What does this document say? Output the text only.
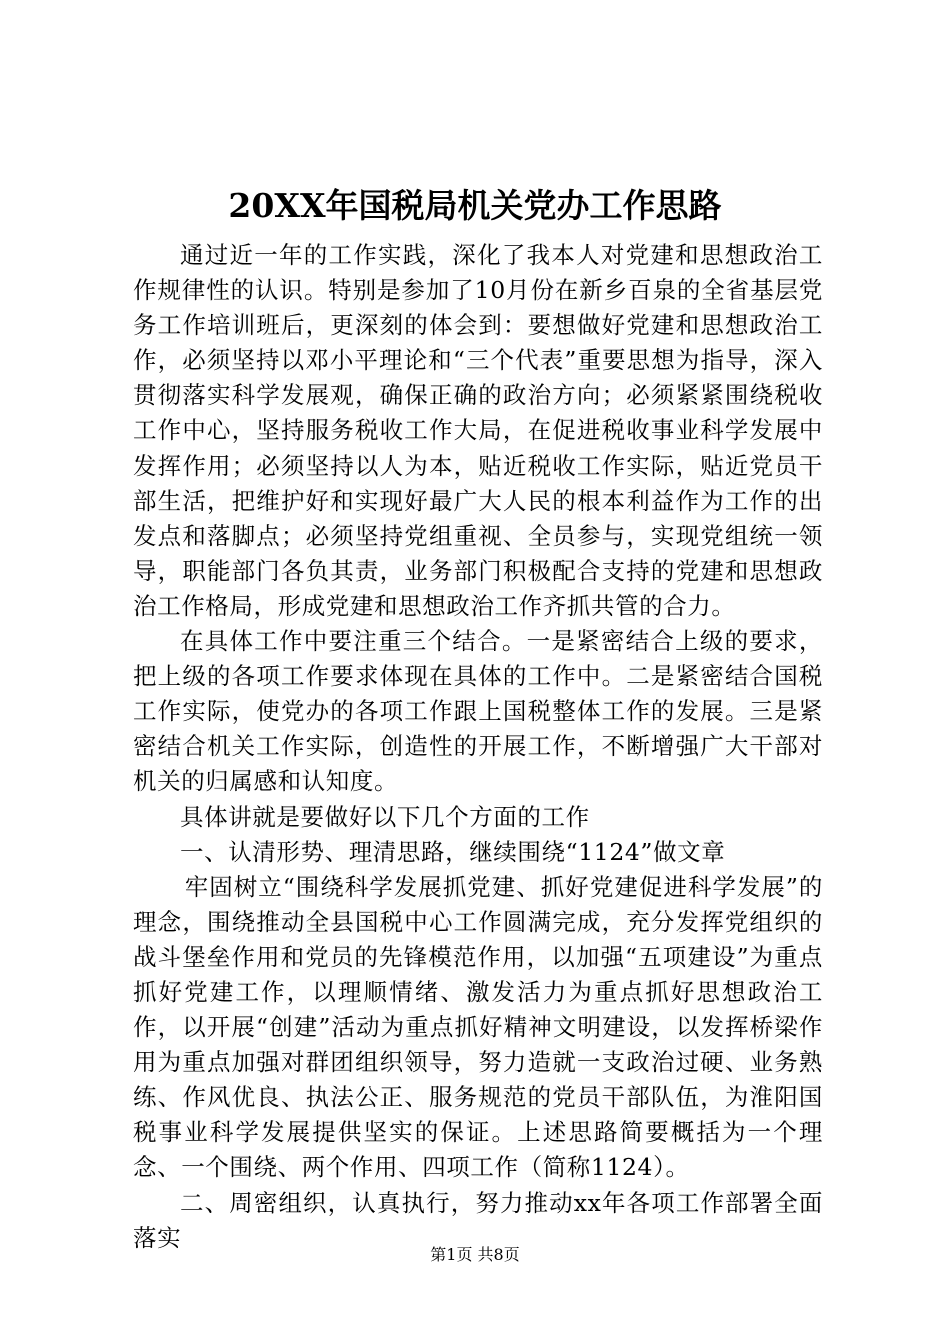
20XX年国税局机关党办工作思路

通过近一年的工作实践，深化了我本人对党建和思想政治工作规律性的认识。特别是参加了10月份在新乡百泉的全省基层党务工作培训班后，更深刻的体会到：要想做好党建和思想政治工作，必须坚持以邓小平理论和“三个代表”重要思想为指导，深入贯彻落实科学发展观，确保正确的政治方向；必须紧紧围绕税收工作中心，坚持服务税收工作大局，在促进税收事业科学发展中发挥作用；必须坚持以人为本，贴近税收工作实际，贴近党员干部生活，把维护好和实现好最广大人民的根本利益作为工作的出发点和落脚点；必须坚持党组重视、全员参与，实现党组统一领导，职能部门各负其责，业务部门积极配合支持的党建和思想政治工作格局，形成党建和思想政治工作齐抓共管的合力。

在具体工作中要注重三个结合。一是紧密结合上级的要求，把上级的各项工作要求体现在具体的工作中。二是紧密结合国税工作实际，使党办的各项工作跟上国税整体工作的发展。三是紧密结合机关工作实际，创造性的开展工作，不断增强广大干部对机关的归属感和认知度。

具体讲就是要做好以下几个方面的工作

一、认清形势、理清思路，继续围绕“1124”做文章

牢固树立“围绕科学发展抓党建、抓好党建促进科学发展”的理念，围绕推动全县国税中心工作圆满完成，充分发挥党组织的战斗堡垒作用和党员的先锋模范作用，以加强“五项建设”为重点抓好党建工作，以理顺情绪、激发活力为重点抓好思想政治工作，以开展“创建”活动为重点抓好精神文明建设，以发挥桥梁作用为重点加强对群团组织领导，努力造就一支政治过硬、业务熟练、作风优良、执法公正、服务规范的党员干部队伍，为淮阳国税事业科学发展提供坚实的保证。上述思路简要概括为一个理念、一个围绕、两个作用、四项工作（简称1124）。

二、周密组织，认真执行，努力推动xx年各项工作部署全面落实

第1页 共8页
